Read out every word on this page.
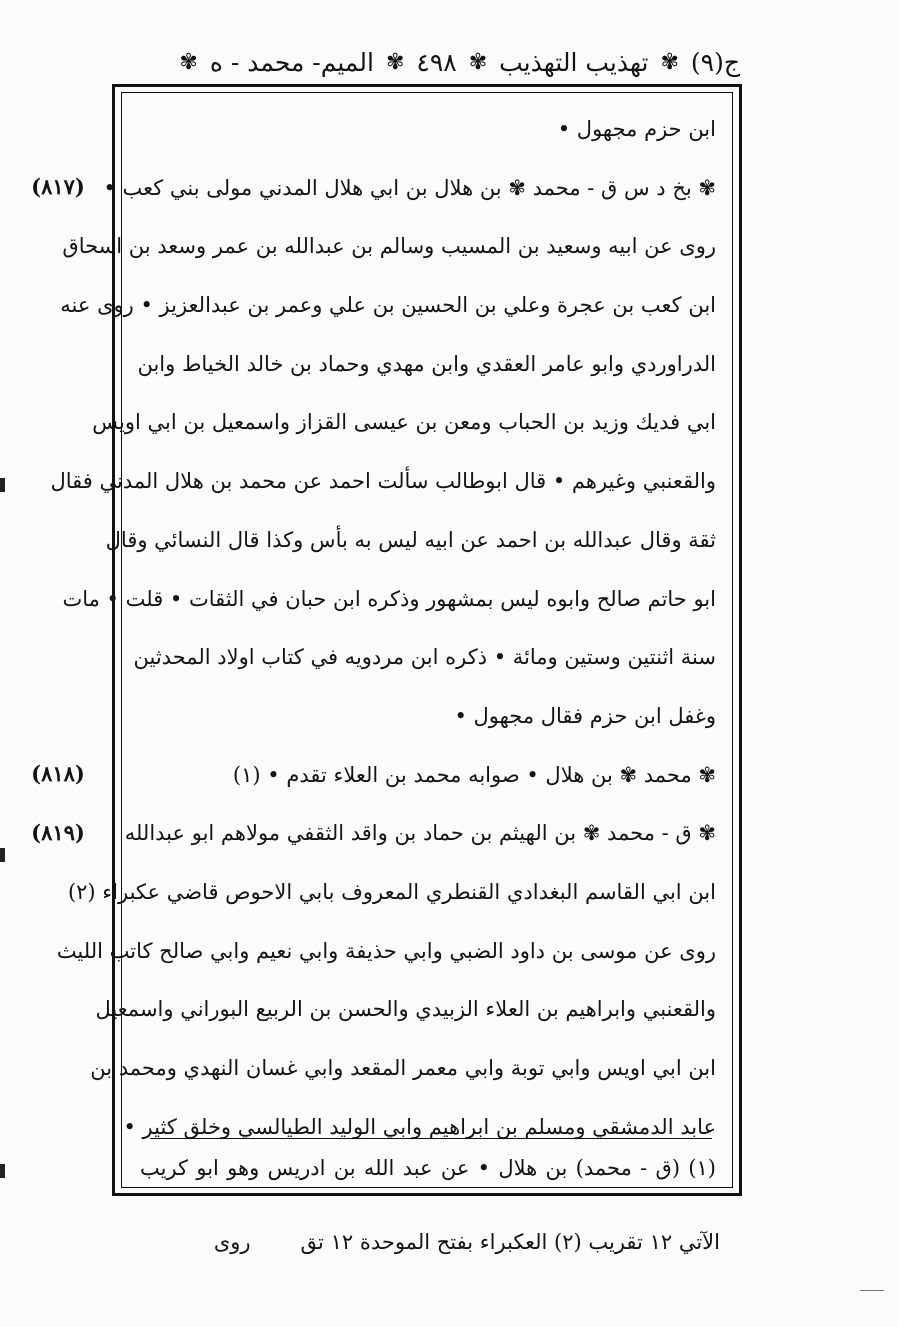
ج(٩)
✾
تهذيب التهذيب
✾
٤٩٨
✾
الميم- محمد - ه
✾
(٨١٧)
(٨١٨)
(٨١٩)
ابن حزم مجهول •
✾ بخ د س ق - محمد ✾ بن هلال بن ابي هلال المدني مولى بني كعب •
روى عن ابيه وسعيد بن المسيب وسالم بن عبدالله بن عمر وسعد بن اسحاق
ابن كعب بن عجرة وعلي بن الحسين بن علي وعمر بن عبدالعزيز • روى عنه
الدراوردي وابو عامر العقدي وابن مهدي وحماد بن خالد الخياط وابن
ابي فديك وزيد بن الحباب ومعن بن عيسى القزاز واسمعيل بن ابي اويس
والقعنبي وغيرهم • قال ابوطالب سألت احمد عن محمد بن هلال المدني فقال
ثقة وقال عبدالله بن احمد عن ابيه ليس به بأس وكذا قال النسائي وقال
ابو حاتم صالح وابوه ليس بمشهور وذكره ابن حبان في الثقات • قلت • مات
سنة اثنتين وستين ومائة • ذكره ابن مردويه في كتاب اولاد المحدثين
وغفل ابن حزم فقال مجهول •
✾ محمد ✾ بن هلال • صوابه محمد بن العلاء تقدم • (١)
✾ ق - محمد ✾ بن الهيثم بن حماد بن واقد الثقفي مولاهم ابو عبدالله
ابن ابي القاسم البغدادي القنطري المعروف بابي الاحوص قاضي عكبراء (٢)
روى عن موسى بن داود الضبي وابي حذيفة وابي نعيم وابي صالح كاتب الليث
والقعنبي وابراهيم بن العلاء الزبيدي والحسن بن الربيع البوراني واسمعيل
ابن ابي اويس وابي توبة وابي معمر المقعد وابي غسان النهدي ومحمد بن
عابد الدمشقي ومسلم بن ابراهيم وابي الوليد الطيالسي وخلق كثير •
(١) (ق - محمد) بن هلال • عن عبد الله بن ادريس وهو ابو كريب
الآتي ١٢ تقريب (٢) العكبراء بفتح الموحدة ١٢ تقروى
